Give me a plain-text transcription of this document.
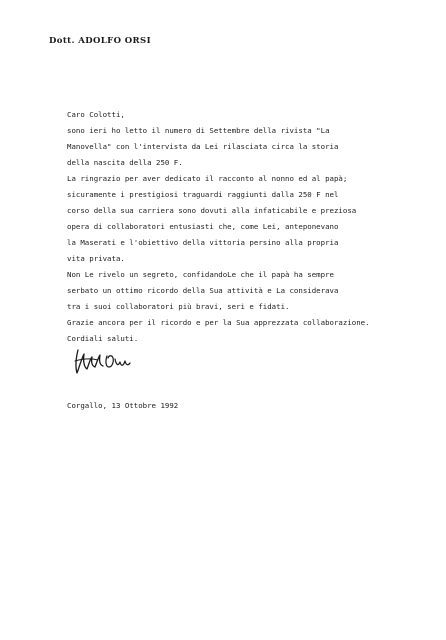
Dott. ADOLFO ORSI
Caro Colotti,
sono ieri ho letto il numero di Settembre della rivista "La
Manovella" con l'intervista da Lei rilasciata circa la storia
della nascita della 250 F.
La ringrazio per aver dedicato il racconto al nonno ed al papà;
sicuramente i prestigiosi traguardi raggiunti dalla 250 F nel
corso della sua carriera sono dovuti alla infaticabile e preziosa
opera di collaboratori entusiasti che, come Lei, anteponevano
la Maserati e l'obiettivo della vittoria persino alla propria
vita privata.
Non Le rivelo un segreto, confidandoLe che il papà ha sempre
serbato un ottimo ricordo della Sua attività e La considerava
tra i suoi collaboratori più bravi, seri e fidati.
Grazie ancora per il ricordo e per la Sua apprezzata collaborazione.
Cordiali saluti.
Corgallo, 13 Ottobre 1992
